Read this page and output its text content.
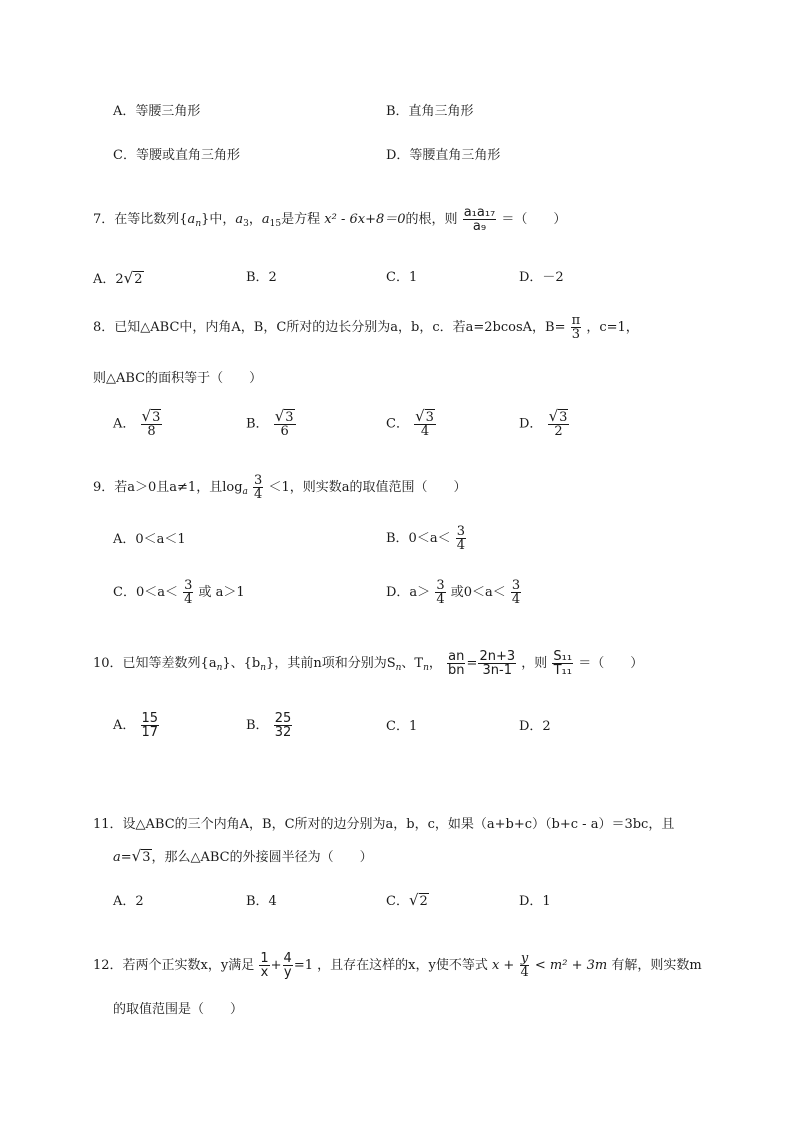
A．等腰三角形	B．直角三角形
C．等腰或直角三角形	D．等腰直角三角形
7．在等比数列$\{a_n\}$中，$a_3$，$a_{15}$是方程 x² - 6x+8＝0的根，则 $\frac{\text{a₁a₁₇}}{\text{a₉}}$ ＝（　　）
A．2√2	B．2	C．1	D．－2
8．已知△ABC中，内角A，B，C所对的边长分别为a，b，c．若a=2bcosA，$B= \frac{\pi}{3}$ ，c=1，
则△ABC的面积等于（　　）
A． $\frac{√3}{8}$	B． $\frac{√3}{6}$	C． $\frac{√3}{4}$	D． $\frac{√3}{2}$
9．若a＞0且a≠1，且$\log_a \frac{3}{4} <1$，则实数a的取值范围（　　）
A．0＜a＜1	B．$0<a< \frac{3}{4}$
C．$0<a< \frac{3}{4}$ 或 a＞1	D．$a> \frac{3}{4}$ 或$0<a< \frac{3}{4}$
10．已知等差数列$\{a_n\}$、$\{b_n\}$，其前n项和分别为$S_n$、$T_n$， $\frac{an}{bn} = \frac{2n+3}{3n-1}$ ，则 $\frac{\text{S₁₁}}{\text{T₁₁}}$ ＝（　　）
A． $\frac{15}{17}$	B． $\frac{25}{32}$	C．1	D．2
11．设△ABC的三个内角A，B，C所对的边分别为a，b，c，如果（a+b+c）（b+c - a）＝3bc，且
a=√3，那么△ABC的外接圆半径为（　　）
A．2	B．4	C．√2	D．1
12．若两个正实数x，y满足 $\frac{1}{x} + \frac{4}{y} =1$ ，且存在这样的x，y使不等式 $x + \frac{y}{4} < m^2 + 3m$ 有解，则实数m
的取值范围是（　　）
